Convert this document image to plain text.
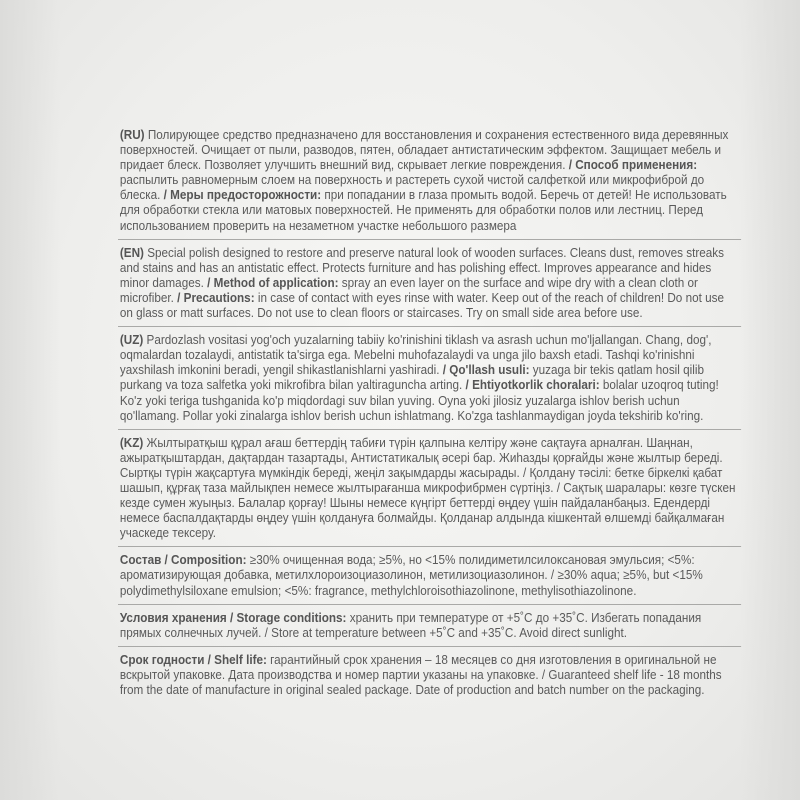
(RU) Полирующее средство предназначено для восстановления и сохранения естественного вида деревянных поверхностей. Очищает от пыли, разводов, пятен, обладает антистатическим эффектом. Защищает мебель и придает блеск. Позволяет улучшить внешний вид, скрывает легкие повреждения. / Способ применения: распылить равномерным слоем на поверхность и растереть сухой чистой салфеткой или микрофиброй до блеска. / Меры предосторожности: при попадании в глаза промыть водой. Беречь от детей! Не использовать для обработки стекла или матовых поверхностей. Не применять для обработки полов или лестниц. Перед использованием проверить на незаметном участке небольшого размера

(EN) Special polish designed to restore and preserve natural look of wooden surfaces. Cleans dust, removes streaks and stains and has an antistatic effect. Protects furniture and has polishing effect. Improves appearance and hides minor damages. / Method of application: spray an even layer on the surface and wipe dry with a clean cloth or microfiber. / Precautions: in case of contact with eyes rinse with water. Keep out of the reach of children! Do not use on glass or matt surfaces. Do not use to clean floors or staircases. Try on small side area before use.

(UZ) Pardozlash vositasi yog'och yuzalarning tabiiy ko'rinishini tiklash va asrash uchun mo'ljallangan. Chang, dog', oqmalardan tozalaydi, antistatik ta'sirga ega. Mebelni muhofazalaydi va unga jilo baxsh etadi. Tashqi ko'rinishni yaxshilash imkonini beradi, yengil shikastlanishlarni yashiradi. / Qo'llash usuli: yuzaga bir tekis qatlam hosil qilib purkang va toza salfetka yoki mikrofibra bilan yaltiraguncha arting. / Ehtiyotkorlik choralari: bolalar uzoqroq tuting! Ko'z yoki teriga tushganida ko'p miqdordagi suv bilan yuving. Oyna yoki jilosiz yuzalarga ishlov berish uchun qo'llamang. Pollar yoki zinalarga ishlov berish uchun ishlatmang. Ko'zga tashlanmaydigan joyda tekshirib ko'ring.

(KZ) Жылтыратқыш құрал ағаш беттердің табиғи түрін қалпына келтіру және сақтауға арналған. Шаңнан, ажыратқыштардан, дақтардан тазартады, Антистатикалық әсері бар. Жиһазды қорғайды және жылтыр береді. Сыртқы түрін жақсартуға мүмкіндік береді, жеңіл зақымдарды жасырады. / Қолдану тәсілі: бетке біркелкі қабат шашып, құрғақ таза майлықпен немесе жылтырағанша микрофибрмен сүртіңіз. / Сақтық шаралары: көзге түскен кезде сумен жуыңыз. Балалар қорғау! Шыны немесе күңгірт беттерді өңдеу үшін пайдаланбаңыз. Едендерді немесе баспалдақтарды өңдеу үшін қолдануға болмайды. Қолданар алдында кішкентай өлшемді байқалмаған учаскеде тексеру.

Состав / Composition: ≥30% очищенная вода; ≥5%, но <15% полидиметилсилоксановая эмульсия; <5%: ароматизирующая добавка, метилхлороизоциазолинон, метилизоциазолинон. / ≥30% aqua; ≥5%, but <15% polydimethylsiloxane emulsion; <5%: fragrance, methylchloroisothiazolinone, methylisothiazolinone.

Условия хранения / Storage conditions: хранить при температуре от +5˚С до +35˚С. Избегать попадания прямых солнечных лучей. / Store at temperature between +5˚C and +35˚C. Avoid direct sunlight.

Срок годности / Shelf life: гарантийный срок хранения – 18 месяцев со дня изготовления в оригинальной не вскрытой упаковке. Дата производства и номер партии указаны на упаковке. / Guaranteed shelf life - 18 months from the date of manufacture in original sealed package. Date of production and batch number on the packaging.
